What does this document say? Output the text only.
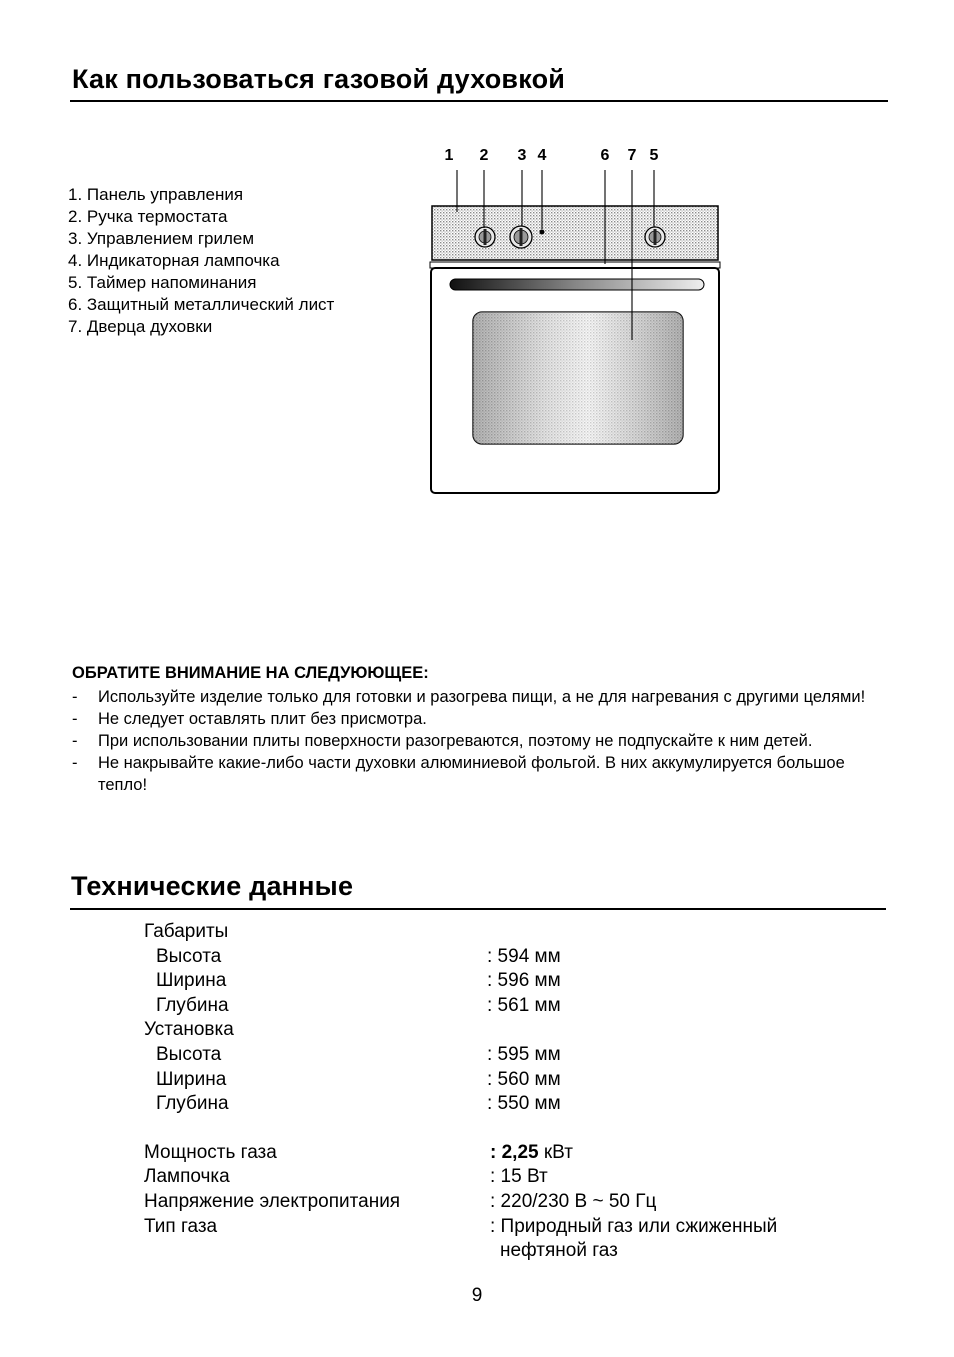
Как пользоваться газовой духовкой
1. Панель управления
2. Ручка термостата
3. Управлением грилем
4. Индикаторная лампочка
5. Таймер напоминания
6. Защитный металлический лист
7. Дверца духовки
1 2 3 4	6 7 5
ОБРАТИТЕ ВНИМАНИЕ НА СЛЕДУЮЮЩЕЕ:
- Используйте изделие только для готовки и разогрева пищи, а не для нагревания с другими целями!
- Не следует оставлять плит без присмотра.
- При использовании плиты поверхности разогреваются, поэтому не подпускайте к ним детей.
- Не накрывайте какие-либо части духовки алюминиевой фольгой. В них аккумулируется большое тепло!
Технические данные
Габариты
Высота	: 594 мм
Ширина	: 596 мм
Глубина	: 561 мм
Установка
Высота	: 595 мм
Ширина	: 560 мм
Глубина	: 550 мм
Мощность газа	: 2,25 кВт
Лампочка	: 15 Вт
Напряжение электропитания	: 220/230 В ~ 50 Гц
Тип газа	: Природный газ или сжиженный
нефтяной газ
9
